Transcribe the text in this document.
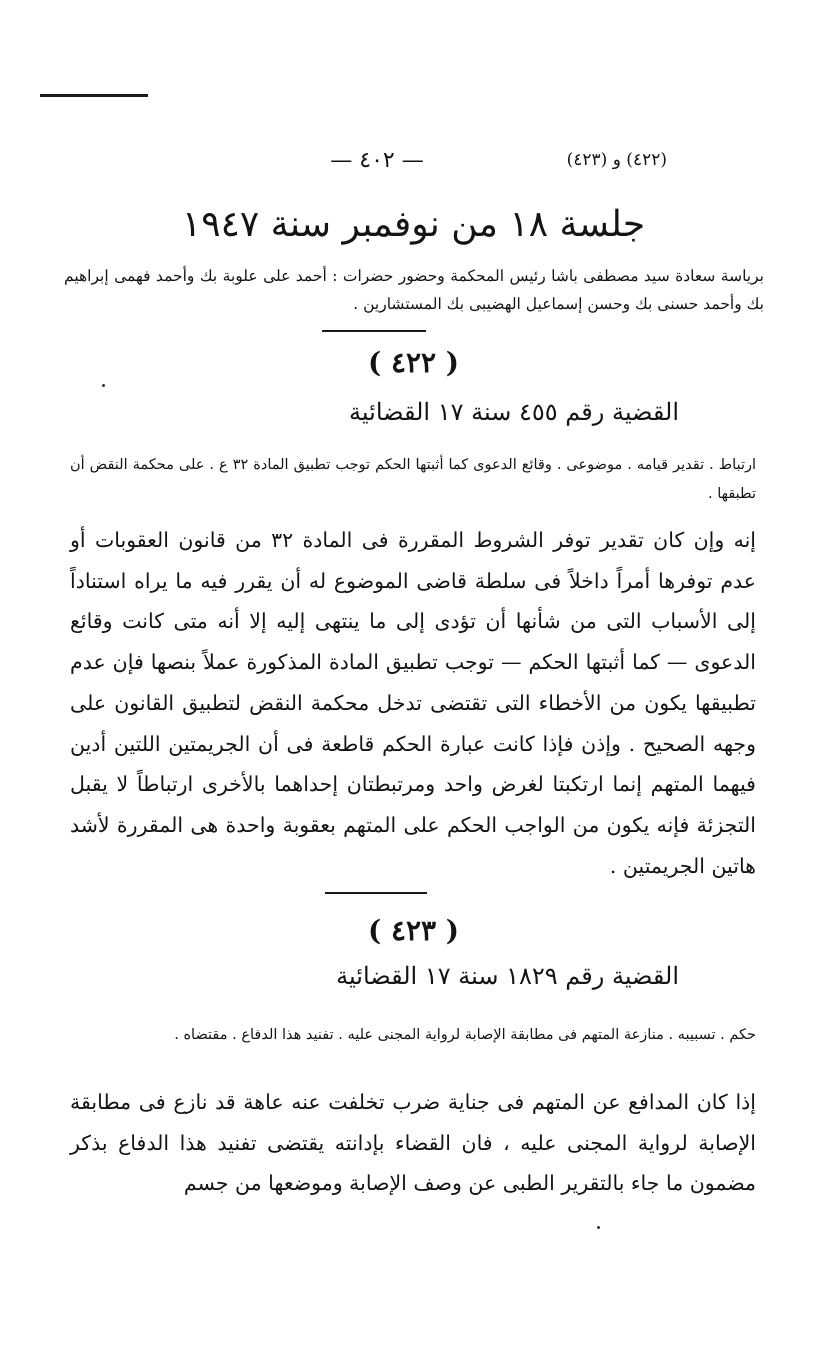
— ٤٠٢ —	(٤٢٢) و (٤٢٣)
جلسة ١٨ من نوفمبر سنة ١٩٤٧
برياسة سعادة سيد مصطفى باشا رئيس المحكمة وحضور حضرات : أحمد على علوبة بك وأحمد فهمى إبراهيم بك وأحمد حسنى بك وحسن إسماعيل الهضيبى بك المستشارين .
( ٤٢٢ )
القضية رقم ٤٥٥ سنة ١٧ القضائية
ارتباط . تقدير قيامه . موضوعى . وقائع الدعوى كما أثبتها الحكم توجب تطبيق المادة ٣٢ ع . على محكمة النقض أن تطبقها .
إنه وإن كان تقدير توفر الشروط المقررة فى المادة ٣٢ من قانون العقوبات أو عدم توفرها أمراً داخلاً فى سلطة قاضى الموضوع له أن يقرر فيه ما يراه استناداً إلى الأسباب التى من شأنها أن تؤدى إلى ما ينتهى إليه إلا أنه متى كانت وقائع الدعوى — كما أثبتها الحكم — توجب تطبيق المادة المذكورة عملاً بنصها فإن عدم تطبيقها يكون من الأخطاء التى تقتضى تدخل محكمة النقض لتطبيق القانون على وجهه الصحيح . وإذن فإذا كانت عبارة الحكم قاطعة فى أن الجريمتين اللتين أدين فيهما المتهم إنما ارتكبتا لغرض واحد ومرتبطتان إحداهما بالأخرى ارتباطاً لا يقبل التجزئة فإنه يكون من الواجب الحكم على المتهم بعقوبة واحدة هى المقررة لأشد هاتين الجريمتين .
( ٤٢٣ )
القضية رقم ١٨٢٩ سنة ١٧ القضائية
حكم . تسبيبه . منازعة المتهم فى مطابقة الإصابة لرواية المجنى عليه . تفنيد هذا الدفاع . مقتضاه .
إذا كان المدافع عن المتهم فى جناية ضرب تخلفت عنه عاهة قد نازع فى مطابقة الإصابة لرواية المجنى عليه ، فان القضاء بإدانته يقتضى تفنيد هذا الدفاع بذكر مضمون ما جاء بالتقرير الطبى عن وصف الإصابة وموضعها من جسم
